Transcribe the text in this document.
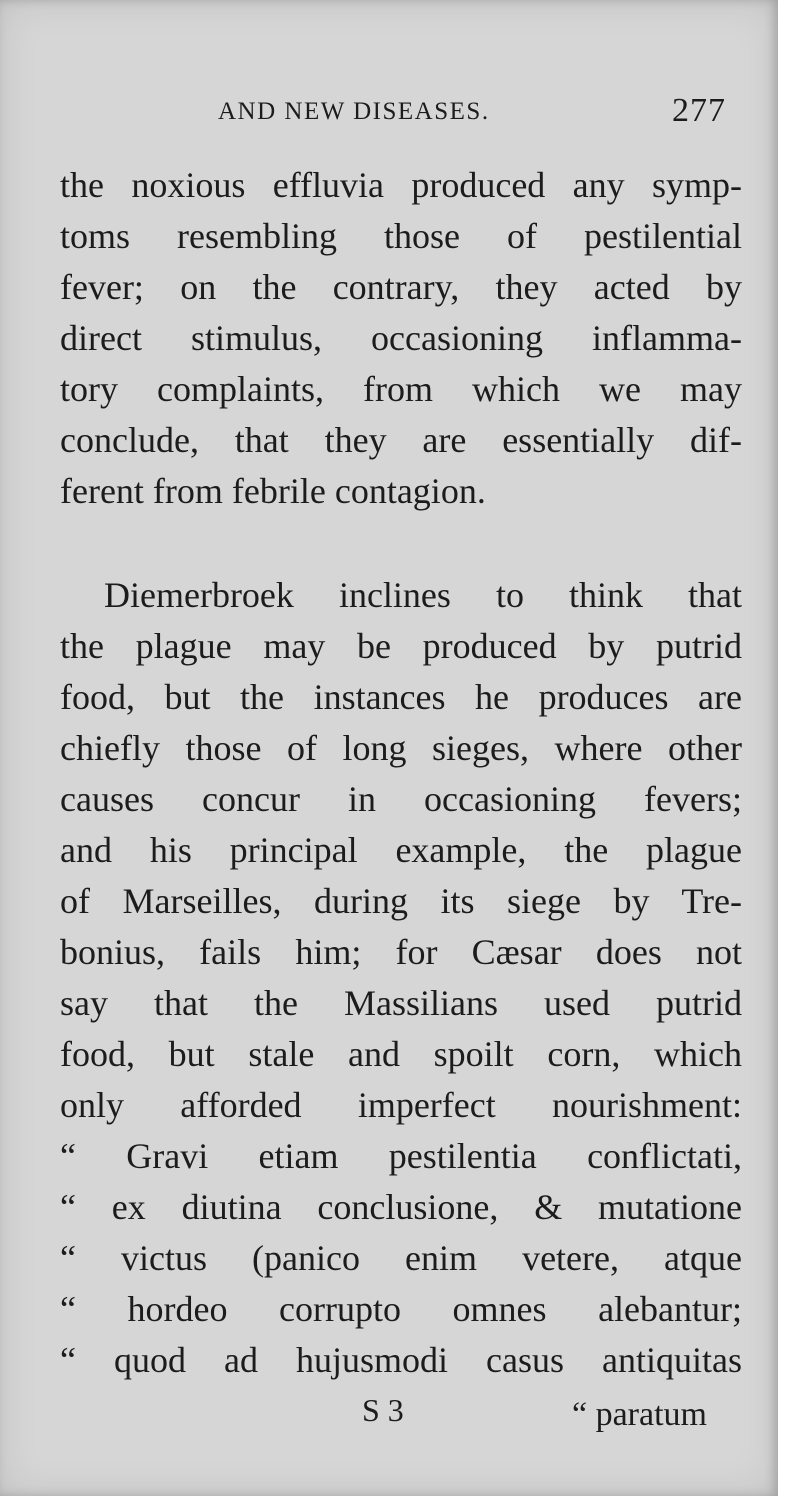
AND NEW DISEASES.	277
the noxious effluvia produced any symp-
toms resembling those of pestilential
fever; on the contrary, they acted by
direct stimulus, occasioning inflamma-
tory complaints, from which we may
conclude, that they are essentially dif-
ferent from febrile contagion.
Diemerbroek inclines to think that
the plague may be produced by putrid
food, but the instances he produces are
chiefly those of long sieges, where other
causes concur in occasioning fevers;
and his principal example, the plague
of Marseilles, during its siege by Tre-
bonius, fails him; for Cæsar does not
say that the Massilians used putrid
food, but stale and spoilt corn, which
only afforded imperfect nourishment:
“ Gravi etiam pestilentia conflictati,
“ ex diutina conclusione, & mutatione
“ victus (panico enim vetere, atque
“ hordeo corrupto omnes alebantur;
“ quod ad hujusmodi casus antiquitas
S 3	“ paratum
